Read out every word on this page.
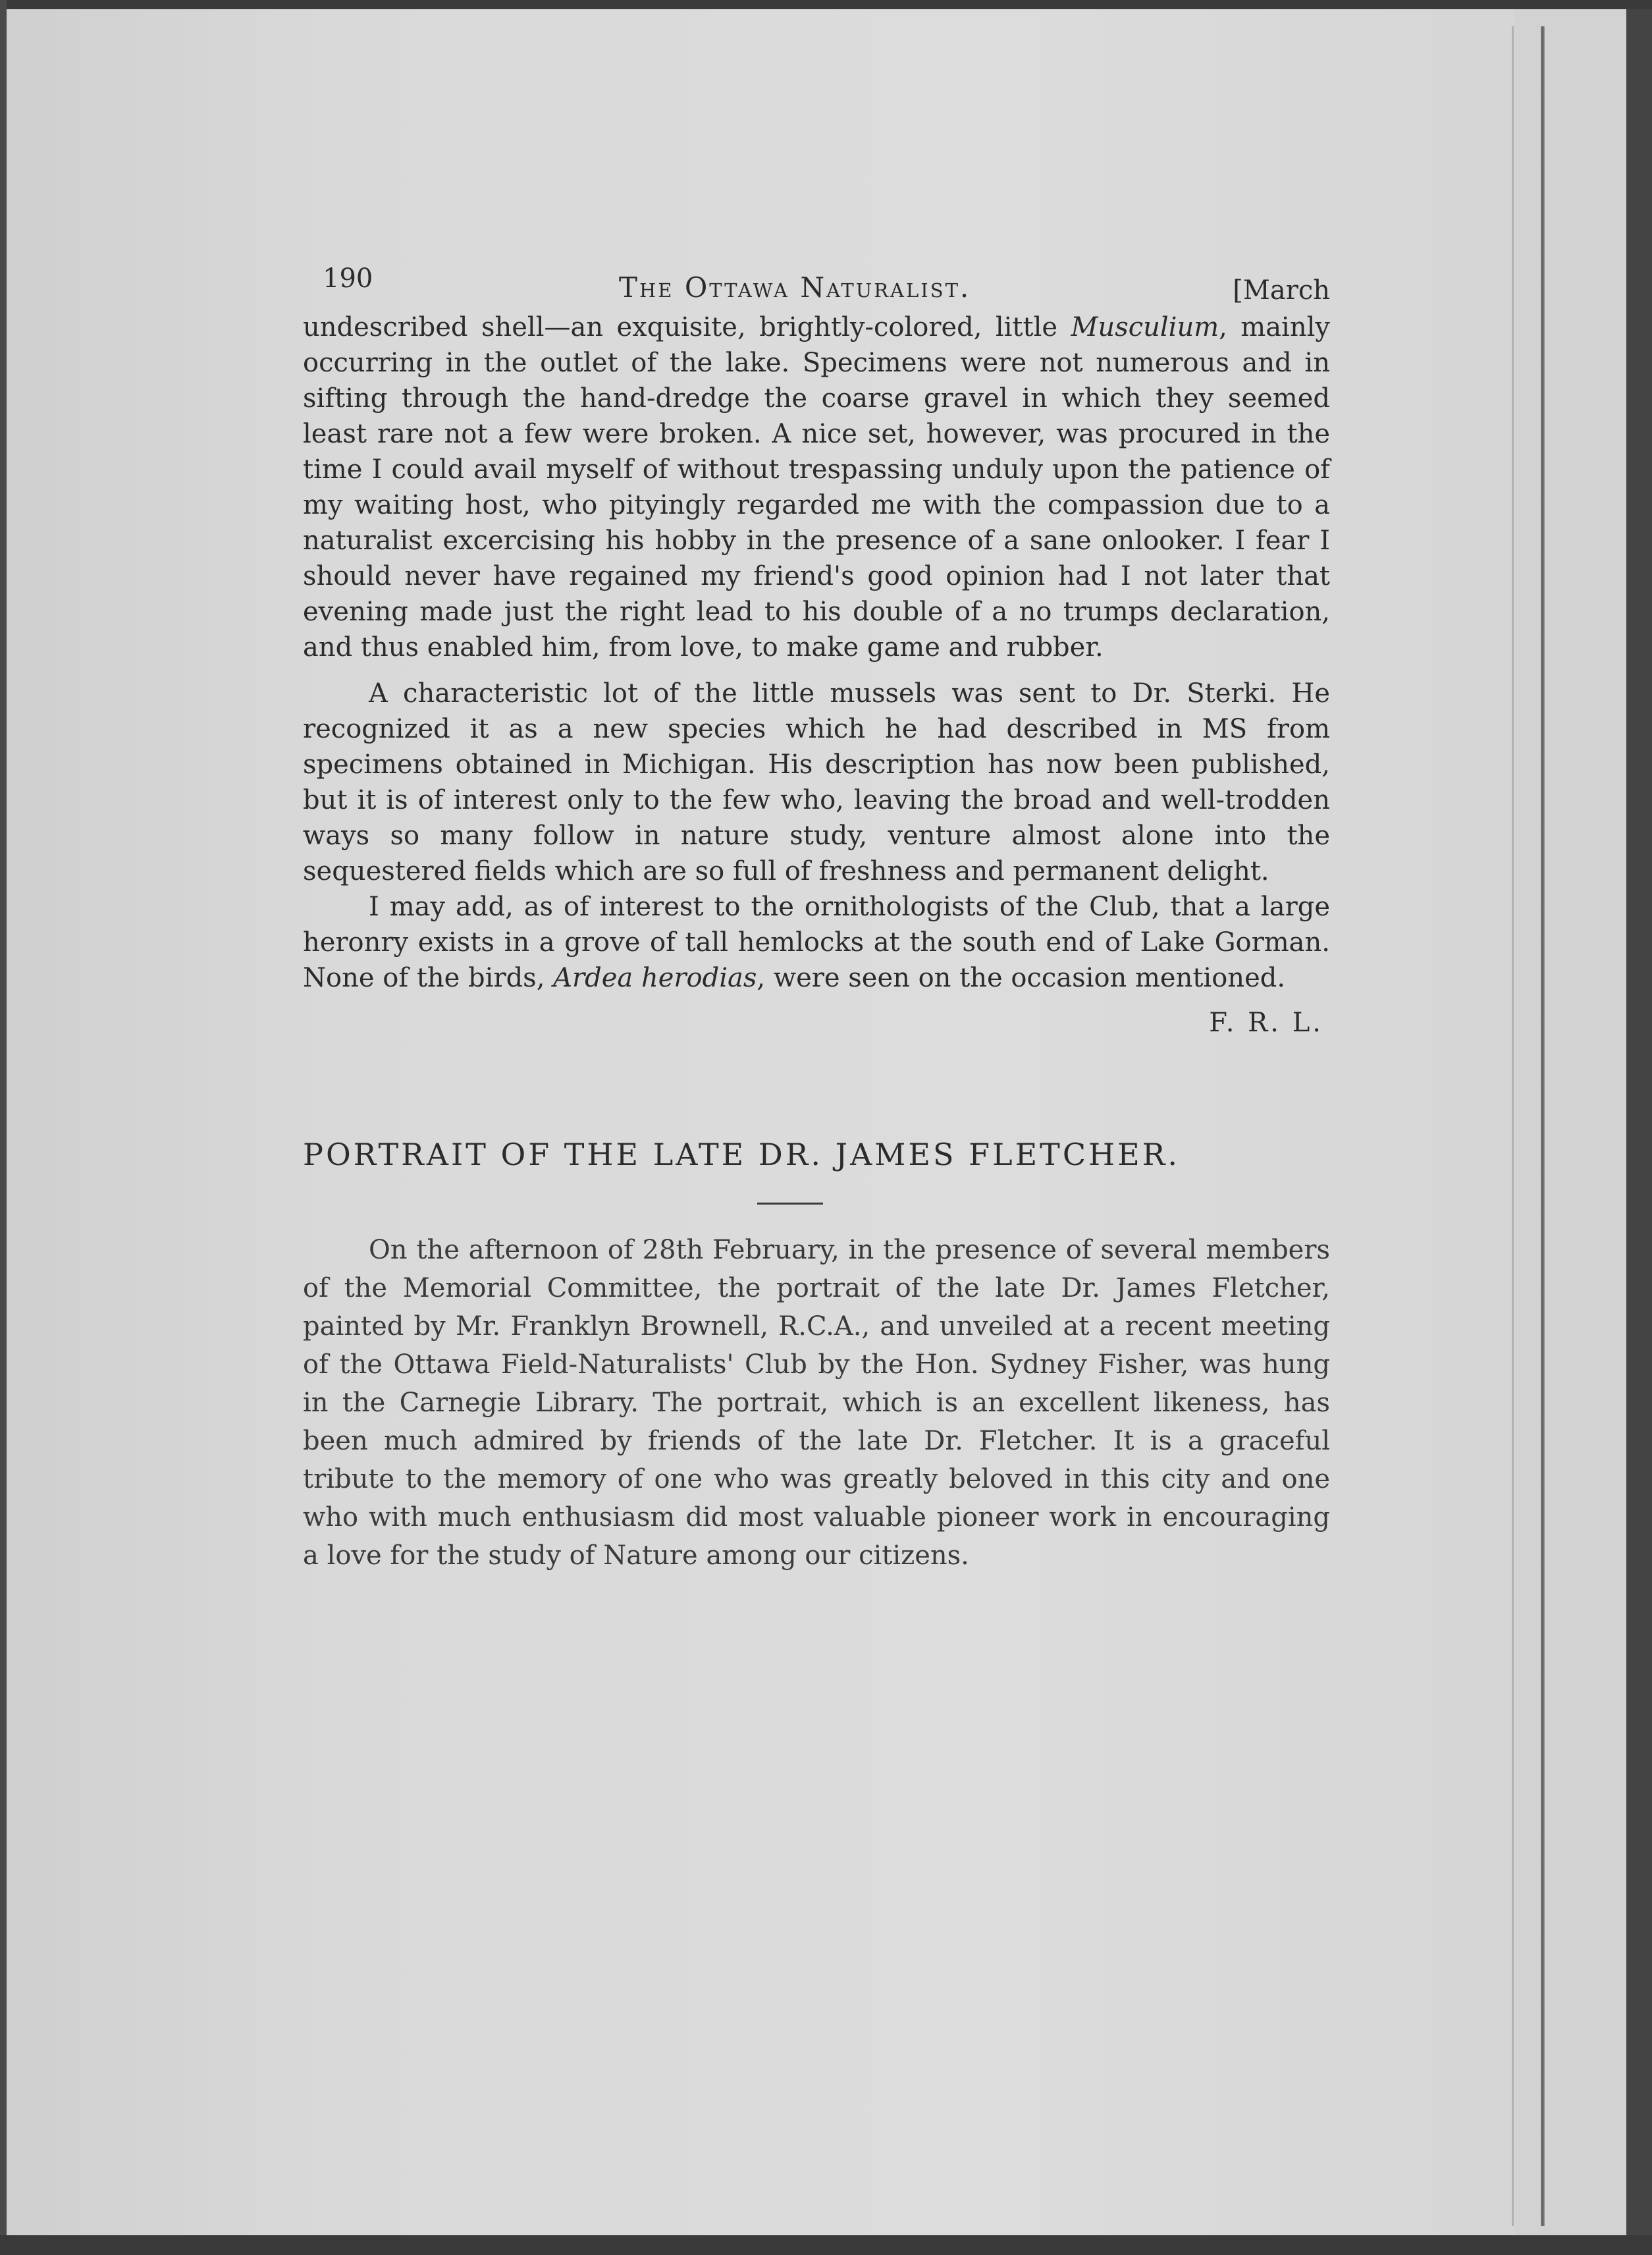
190	The Ottawa Naturalist.	[March

undescribed shell—an exquisite, brightly-colored, little Musculium, mainly occurring in the outlet of the lake. Specimens were not numerous and in sifting through the hand-dredge the coarse gravel in which they seemed least rare not a few were broken. A nice set, however, was procured in the time I could avail myself of without trespassing unduly upon the patience of my waiting host, who pityingly regarded me with the compassion due to a naturalist excercising his hobby in the presence of a sane onlooker. I fear I should never have regained my friend's good opinion had I not later that evening made just the right lead to his double of a no trumps declaration, and thus enabled him, from love, to make game and rubber.

A characteristic lot of the little mussels was sent to Dr. Sterki. He recognized it as a new species which he had described in MS from specimens obtained in Michigan. His description has now been published, but it is of interest only to the few who, leaving the broad and well-trodden ways so many follow in nature study, venture almost alone into the sequestered fields which are so full of freshness and permanent delight.

I may add, as of interest to the ornithologists of the Club, that a large heronry exists in a grove of tall hemlocks at the south end of Lake Gorman. None of the birds, Ardea herodias, were seen on the occasion mentioned.

F. R. L.
PORTRAIT OF THE LATE DR. JAMES FLETCHER.

On the afternoon of 28th February, in the presence of several members of the Memorial Committee, the portrait of the late Dr. James Fletcher, painted by Mr. Franklyn Brownell, R.C.A., and unveiled at a recent meeting of the Ottawa Field-Naturalists' Club by the Hon. Sydney Fisher, was hung in the Carnegie Library. The portrait, which is an excellent likeness, has been much admired by friends of the late Dr. Fletcher. It is a graceful tribute to the memory of one who was greatly beloved in this city and one who with much enthusiasm did most valuable pioneer work in encouraging a love for the study of Nature among our citizens.
